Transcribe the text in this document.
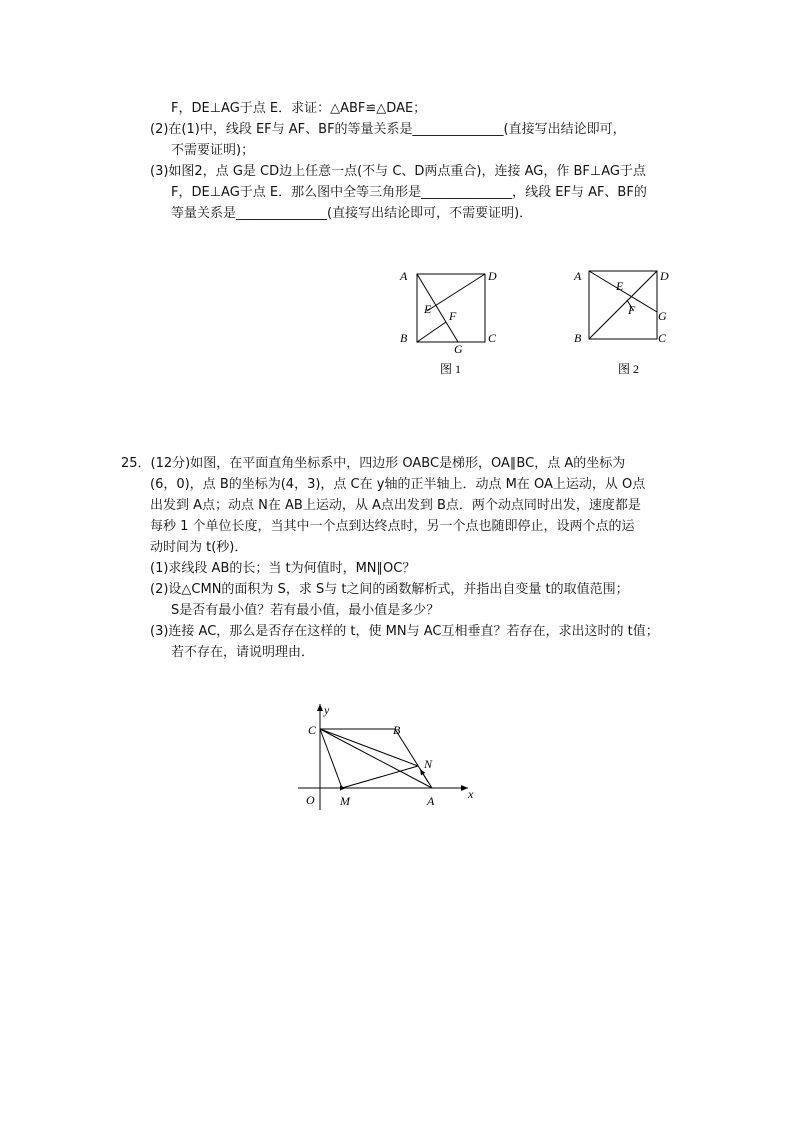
F，DE⊥AG于点 E．求证：△ABF≌△DAE；
(2)在(1)中，线段 EF与 AF、BF的等量关系是______________(直接写出结论即可，
不需要证明)；
(3)如图2，点 G是 CD边上任意一点(不与 C、D两点重合)，连接 AG，作 BF⊥AG于点
F，DE⊥AG于点 E．那么图中全等三角形是______________，线段 EF与 AF、BF的
等量关系是______________(直接写出结论即可，不需要证明)．
A	D
B	C
E F
G
图 1
A	D
B	C
E
F G
图 2
25．(12分)如图，在平面直角坐标系中，四边形 OABC是梯形，OA∥BC，点 A的坐标为
(6，0)，点 B的坐标为(4，3)，点 C在 y轴的正半轴上．动点 M在 OA上运动，从 O点
出发到 A点；动点 N在 AB上运动，从 A点出发到 B点．两个动点同时出发，速度都是
每秒 1 个单位长度，当其中一个点到达终点时，另一个点也随即停止，设两个点的运
动时间为 t(秒)．
(1)求线段 AB的长；当 t为何值时，MN∥OC？
(2)设△CMN的面积为 S，求 S与 t之间的函数解析式，并指出自变量 t的取值范围；
S是否有最小值？若有最小值，最小值是多少？
(3)连接 AC，那么是否存在这样的 t，使 MN与 AC互相垂直？若存在，求出这时的 t值；
若不存在，请说明理由．
y
x
C	B
N
O M	A
